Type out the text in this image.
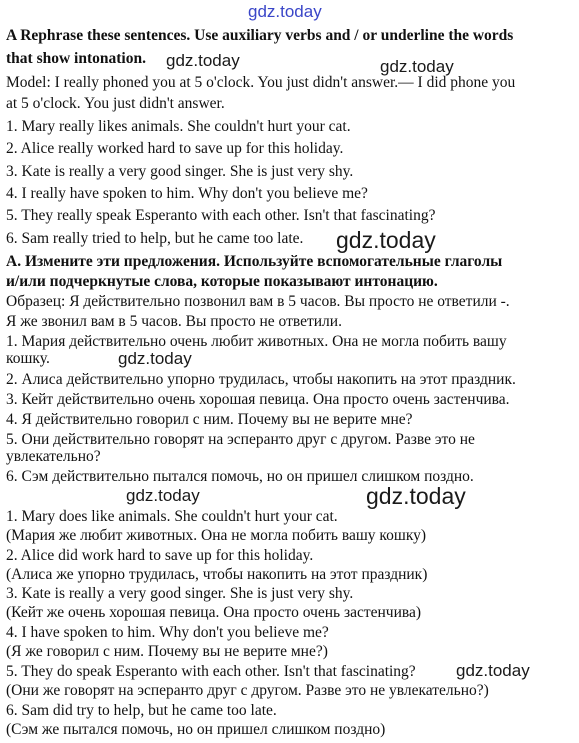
A Rephrase these sentences. Use auxiliary verbs and / or underline the words
that show intonation.
Model: I really phoned you at 5 o'clock. You just didn't answer.— I did phone you
at 5 o'clock. You just didn't answer.
1. Mary really likes animals. She couldn't hurt your cat.
2. Alice really worked hard to save up for this holiday.
3. Kate is really a very good singer. She is just very shy.
4. I really have spoken to him. Why don't you believe me?
5. They really speak Esperanto with each other. Isn't that fascinating?
6. Sam really tried to help, but he came too late.
А. Измените эти предложения. Используйте вспомогательные глаголы
и/или подчеркнутые слова, которые показывают интонацию.
Образец: Я действительно позвонил вам в 5 часов. Вы просто не ответили -.
Я же звонил вам в 5 часов. Вы просто не ответили.
1. Мария действительно очень любит животных. Она не могла побить вашу
кошку.
2. Алиса действительно упорно трудилась, чтобы накопить на этот праздник.
3. Кейт действительно очень хорошая певица. Она просто очень застенчива.
4. Я действительно говорил с ним. Почему вы не верите мне?
5. Они действительно говорят на эсперанто друг с другом. Разве это не
увлекательно?
6. Сэм действительно пытался помочь, но он пришел слишком поздно.
1. Mary does like animals. She couldn't hurt your cat.
(Мария же любит животных. Она не могла побить вашу кошку)
2. Alice did work hard to save up for this holiday.
(Алиса же упорно трудилась, чтобы накопить на этот праздник)
3. Kate is really a very good singer. She is just very shy.
(Кейт же очень хорошая певица. Она просто очень застенчива)
4. I have spoken to him. Why don't you believe me?
(Я же говорил с ним. Почему вы не верите мне?)
5. They do speak Esperanto with each other. Isn't that fascinating?
(Они же говорят на эсперанто друг с другом. Разве это не увлекательно?)
6. Sam did try to help, but he came too late.
(Сэм же пытался помочь, но он пришел слишком поздно)
gdz.today
gdz.today	gdz.today
gdz.today
gdz.today
gdz.today	gdz.today
gdz.today
